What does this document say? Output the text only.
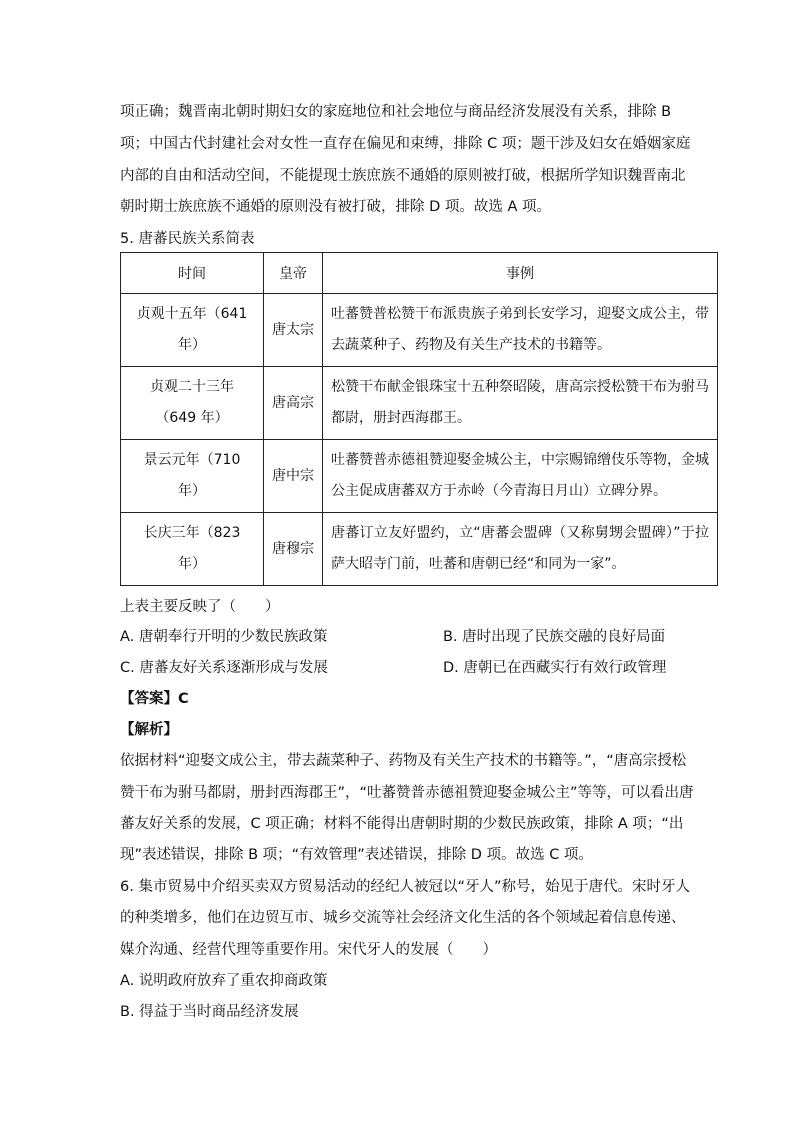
项正确；魏晋南北朝时期妇女的家庭地位和社会地位与商品经济发展没有关系，排除 B
项；中国古代封建社会对女性一直存在偏见和束缚，排除 C 项；题干涉及妇女在婚姻家庭
内部的自由和活动空间，不能提现士族庶族不通婚的原则被打破，根据所学知识魏晋南北
朝时期士族庶族不通婚的原则没有被打破，排除 D 项。故选 A 项。
5. 唐蕃民族关系简表
时间	皇帝	事例
贞观十五年（641 年）	唐太宗	吐蕃赞普松赞干布派贵族子弟到长安学习，迎娶文成公主，带去蔬菜种子、药物及有关生产技术的书籍等。
贞观二十三年（649 年）	唐高宗	松赞干布献金银珠宝十五种祭昭陵，唐高宗授松赞干布为驸马都尉，册封西海郡王。
景云元年（710 年）	唐中宗	吐蕃赞普赤德祖赞迎娶金城公主，中宗赐锦缯伎乐等物，金城公主促成唐蕃双方于赤岭（今青海日月山）立碑分界。
长庆三年（823 年）	唐穆宗	唐蕃订立友好盟约，立“唐蕃会盟碑（又称舅甥会盟碑）”于拉萨大昭寺门前，吐蕃和唐朝已经“和同为一家”。
上表主要反映了（　　）
A. 唐朝奉行开明的少数民族政策	B. 唐时出现了民族交融的良好局面
C. 唐蕃友好关系逐渐形成与发展	D. 唐朝已在西藏实行有效行政管理
【答案】C
【解析】
依据材料“迎娶文成公主，带去蔬菜种子、药物及有关生产技术的书籍等。”，“唐高宗授松
赞干布为驸马都尉，册封西海郡王”，“吐蕃赞普赤德祖赞迎娶金城公主”等等，可以看出唐
蕃友好关系的发展，C 项正确；材料不能得出唐朝时期的少数民族政策，排除 A 项；“出
现”表述错误，排除 B 项；“有效管理”表述错误，排除 D 项。故选 C 项。
6. 集市贸易中介绍买卖双方贸易活动的经纪人被冠以“牙人”称号，始见于唐代。宋时牙人
的种类增多，他们在边贸互市、城乡交流等社会经济文化生活的各个领域起着信息传递、
媒介沟通、经营代理等重要作用。宋代牙人的发展（　　）
A. 说明政府放弃了重农抑商政策
B. 得益于当时商品经济发展
